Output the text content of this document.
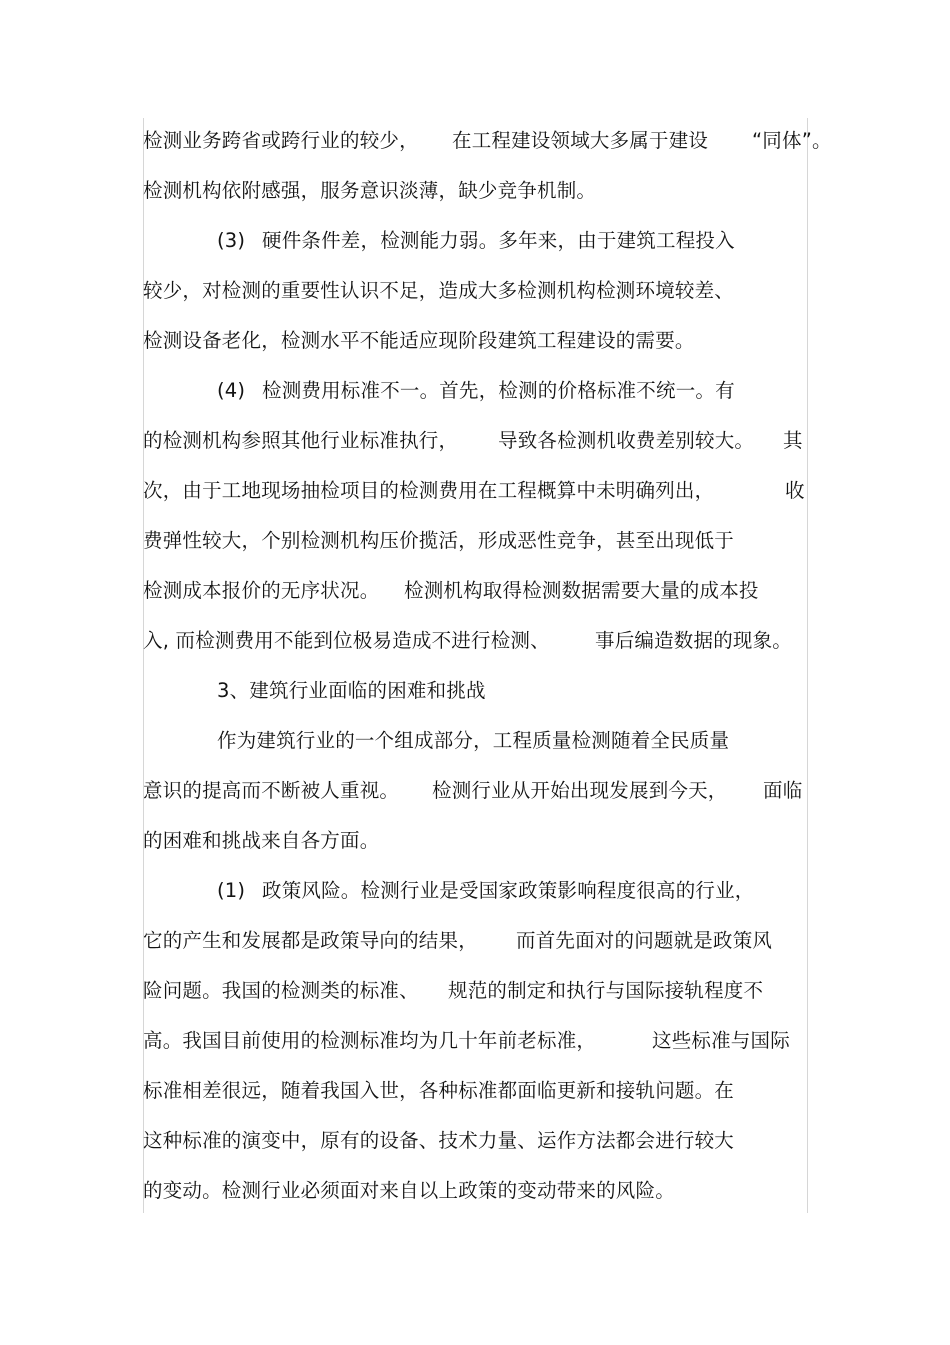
检测业务跨省或跨行业的较少， 在工程建设领域大多属于建设 “同体”。
检测机构依附感强，服务意识淡薄，缺少竞争机制。
(3) 硬件条件差，检测能力弱。多年来，由于建筑工程投入
较少，对检测的重要性认识不足，造成大多检测机构检测环境较差、
检测设备老化，检测水平不能适应现阶段建筑工程建设的需要。
(4) 检测费用标准不一。首先，检测的价格标准不统一。有
的检测机构参照其他行业标准执行， 导致各检测机收费差别较大。 其
次，由于工地现场抽检项目的检测费用在工程概算中未明确列出，	收
费弹性较大，个别检测机构压价揽活，形成恶性竞争，甚至出现低于
检测成本报价的无序状况。 检测机构取得检测数据需要大量的成本投
入, 而检测费用不能到位极易造成不进行检测、 事后编造数据的现象。
3、建筑行业面临的困难和挑战
作为建筑行业的一个组成部分，工程质量检测随着全民质量
意识的提高而不断被人重视。 检测行业从开始出现发展到今天， 面临
的困难和挑战来自各方面。
(1) 政策风险。检测行业是受国家政策影响程度很高的行业，
它的产生和发展都是政策导向的结果， 而首先面对的问题就是政策风
险问题。我国的检测类的标准、 规范的制定和执行与国际接轨程度不
高。我国目前使用的检测标准均为几十年前老标准，	这些标准与国际
标准相差很远，随着我国入世，各种标准都面临更新和接轨问题。在
这种标准的演变中，原有的设备、技术力量、运作方法都会进行较大
的变动。检测行业必须面对来自以上政策的变动带来的风险。
